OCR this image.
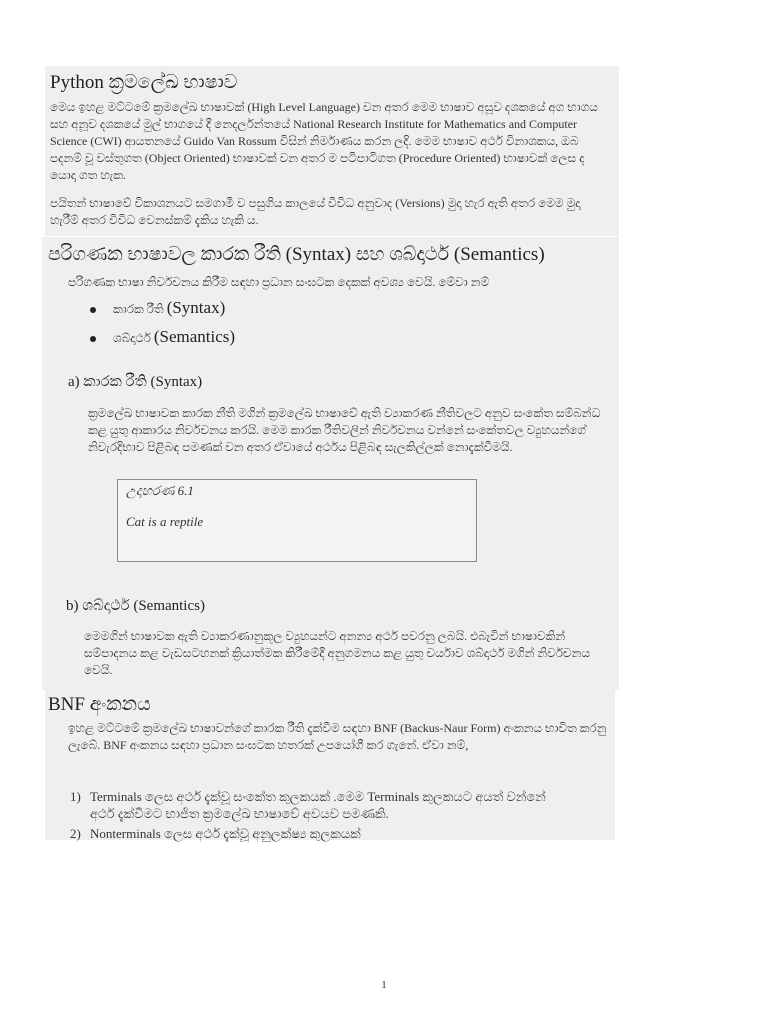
Python ක්‍රමලේඛ භාෂාව

මෙය ඉහළ මට්ටමේ ක්‍රමලේඛ භාෂාවක් (High Level Language) වන අතර මෙම භාෂාව අසූව දශකයේ අග භාගය සහ අනූව දශකයේ මුල් භාගයේ දී නෙදර්ලන්තයේ National Research Institute for Mathematics and Computer Science (CWI) ආයතනයේ Guido Van Rossum විසින් නිර්මාණය කරන ලදි. මෙම භාෂාව අර්ථ විනාශකය, ඔබ පදනම් වූ වස්තුගත (Object Oriented) භාෂාවක් වන අතර ම පටිපාටිගත (Procedure Oriented) භාෂාවක් ලෙස ද යොදා ගත හැක.

පයිතන් භාෂාවේ විකාශනයට සමගාමී ව පසුගිය කාලයේ විවිධ අනුවාද (Versions) මුදා හැර ඇති අතර මෙම මුදා හැරීම් අතර විවිධ වෙනස්කම් දැකිය හැකි ය.

පරිගණක භාෂාවල කාරක රීති (Syntax) සහ ශබ්දාර්ථ (Semantics)

පරිගණක භාෂා නිර්වචනය කිරීම සඳහා ප්‍රධාන සංඝටක දෙකක් අවශ්‍ය වෙයි. මේවා නම්

කාරක රීති (Syntax)
ශබ්දාර්ථ (Semantics)
a) කාරක රීති (Syntax)

ක්‍රමලේඛ භාෂාවක කාරක නීති මගින් ක්‍රමලේඛ භාෂාවේ ඇති ව්‍යාකරණ නීතිවලට අනුව සංකේත සම්බන්ධ කළ යුතු ආකාරය නිර්වචනය කරයි. මෙම කාරක රීතිවලින් නිර්වචනය වන්නේ සංකේතවල ව්‍යුහයන්ගේ නිවැරදිභාව පිළිබඳ පමණක් වන අතර ඒවායේ අර්ථය පිළිබඳ සැලකිල්ලක් නොදැක්වීමයි.

උදාහරණ 6.1
Cat is a reptile
b) ශබ්දාර්ථ (Semantics)

මෙමගින් භාෂාවක ඇති ව්‍යාකරණානුකූල ව්‍යුහයන්ට අනන්‍ය අර්ථ පවරනු ලබයි. එබැවින් භාෂාවකින් සම්පාදනය කළ වැඩසටහනක් ක්‍රියාත්මක කිරීමේදී අනුගමනය කළ යුතු චර්යාව ශබ්දාර්ථ මගින් නිර්වචනය වෙයි.

BNF අංකනය

ඉහළ මට්ටමේ ක්‍රමලේඛ භාෂාවන්ගේ කාරක රීති දැක්වීම සඳහා BNF (Backus-Naur Form) අංකනය භාවිත කරනු ලැබේ. BNF අංකනය සඳහා ප්‍රධාන සංඝටක හතරක් උපයෝගී කර ගැනේ. ඒවා නම්,

1) Terminals ලෙස අර්ථ දැක්වූ සංකේත කුලකයක් .මෙම Terminals කුලකයට අයත් වන්නේ
අර්ථ දැක්වීමට භාජිත ක්‍රමලේඛ භාෂාවේ අවයව පමණකි.
2) Nonterminals ලෙස අර්ථ දැක්වූ අනුලක්ෂ්‍ය කුලකයක්
1
